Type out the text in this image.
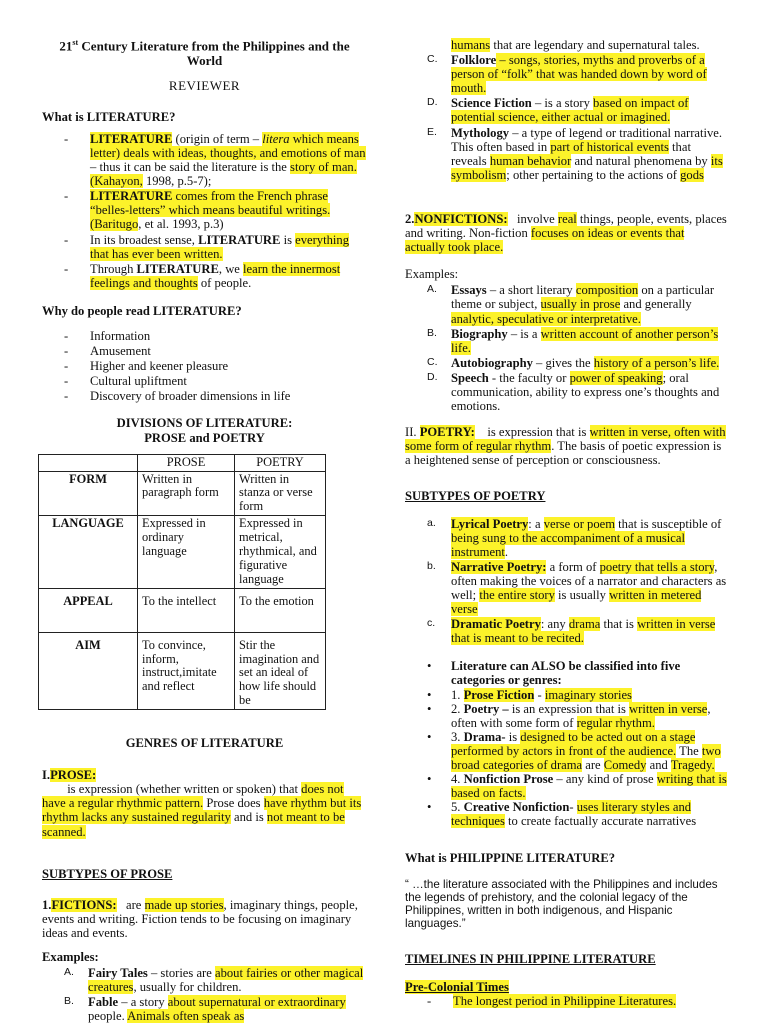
21st Century Literature from the Philippines and the World
REVIEWER
What is LITERATURE?
- LITERATURE (origin of term – litera which means letter) deals with ideas, thoughts, and emotions of man – thus it can be said the literature is the story of man. (Kahayon, 1998, p.5-7);
- LITERATURE comes from the French phrase “belles-letters” which means beautiful writings. (Baritugo, et al. 1993, p.3)
- In its broadest sense, LITERATURE is everything that has ever been written.
- Through LITERATURE, we learn the innermost feelings and thoughts of people.
Why do people read LITERATURE?
- Information
- Amusement
- Higher and keener pleasure
- Cultural upliftment
- Discovery of broader dimensions in life
DIVISIONS OF LITERATURE:
PROSE and POETRY
	PROSE	POETRY
FORM	Written in paragraph form	Written in stanza or verse form
LANGUAGE	Expressed in ordinary language	Expressed in metrical, rhythmical, and figurative language
APPEAL	To the intellect	To the emotion
AIM	To convince, inform, instruct,imitate and reflect	Stir the imagination and set an ideal of how life should be
GENRES OF LITERATURE

I.PROSE:        is expression (whether written or spoken) that does not have a regular rhythmic pattern. Prose does have rhythm but its rhythm lacks any sustained regularity and is not meant to be scanned.

SUBTYPES OF PROSE

1.FICTIONS:   are made up stories, imaginary things, people, events and writing. Fiction tends to be focusing on imaginary ideas and events.

Examples:
A. Fairy Tales – stories are about fairies or other magical creatures, usually for children.
B. Fable – a story about supernatural or extraordinary people. Animals often speak as
humans that are legendary and supernatural tales.
C. Folklore – songs, stories, myths and proverbs of a person of “folk” that was handed down by word of mouth.
D. Science Fiction – is a story based on impact of potential science, either actual or imagined.
E. Mythology – a type of legend or traditional narrative. This often based in part of historical events that reveals human behavior and natural phenomena by its symbolism; other pertaining to the actions of gods

2.NONFICTIONS:   involve real things, people, events, places and writing. Non-fiction focuses on ideas or events that actually took place.

Examples:
A. Essays – a short literary composition on a particular theme or subject, usually in prose and generally analytic, speculative or interpretative.
B. Biography – is a written account of another person’s life.
C. Autobiography – gives the history of a person’s life.
D. Speech - the faculty or power of speaking; oral communication, ability to express one’s thoughts and emotions.

II. POETRY:    is expression that is written in verse, often with some form of regular rhythm. The basis of poetic expression is a heightened sense of perception or consciousness.

SUBTYPES OF POETRY
a. Lyrical Poetry: a verse or poem that is susceptible of being sung to the accompaniment of a musical instrument.
b. Narrative Poetry: a form of poetry that tells a story, often making the voices of a narrator and characters as well; the entire story is usually written in metered verse
c. Dramatic Poetry: any drama that is written in verse that is meant to be recited.
• Literature can ALSO be classified into five categories or genres:
• 1. Prose Fiction - imaginary stories
• 2. Poetry – is an expression that is written in verse, often with some form of regular rhythm.
• 3. Drama- is designed to be acted out on a stage performed by actors in front of the audience. The two broad categories of drama are Comedy and Tragedy.
• 4. Nonfiction Prose – any kind of prose writing that is based on facts.
• 5. Creative Nonfiction- uses literary styles and techniques to create factually accurate narratives
What is PHILIPPINE LITERATURE?

“ …the literature associated with the Philippines and includes the legends of prehistory, and the colonial legacy of the Philippines, written in both indigenous, and Hispanic languages.”

TIMELINES IN PHILIPPINE LITERATURE
Pre-Colonial Times
- The longest period in Philippine Literatures.
